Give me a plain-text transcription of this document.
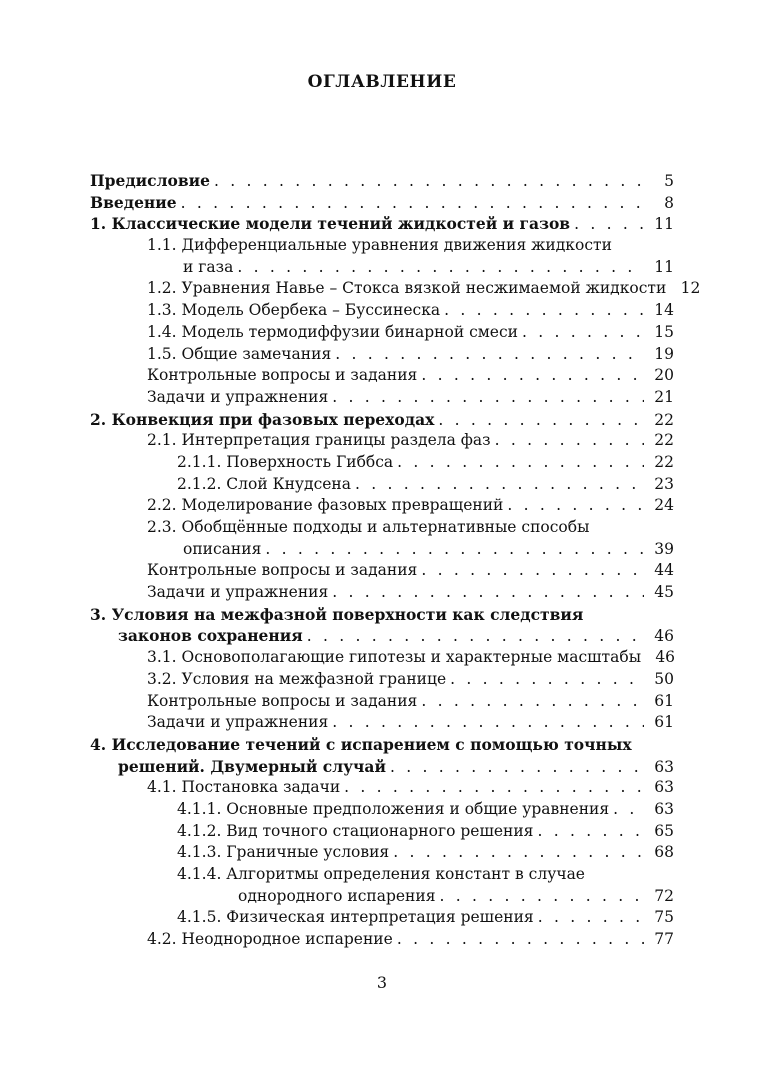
ОГЛАВЛЕНИЕ
Предисловие . . .	5
Введение . . .	8
1. Классические модели течений жидкостей и газов . . .	11
1.1. Дифференциальные уравнения движения жидкости
и газа . . .	11
1.2. Уравнения Навье – Стокса вязкой несжимаемой жидкости 12
1.3. Модель Обербека – Буссинеска . . .	14
1.4. Модель термодиффузии бинарной смеси . . .	15
1.5. Общие замечания . . .	19
Контрольные вопросы и задания . . .	20
Задачи и упражнения . . .	21
2. Конвекция при фазовых переходах . . .	22
2.1. Интерпретация границы раздела фаз . . .	22
2.1.1. Поверхность Гиббса . . .	22
2.1.2. Слой Кнудсена . . .	23
2.2. Моделирование фазовых превращений . . .	24
2.3. Обобщённые подходы и альтернативные способы
описания . . .	39
Контрольные вопросы и задания . . .	44
Задачи и упражнения . . .	45
3. Условия на межфазной поверхности как следствия
законов сохранения . . .	46
3.1. Основополагающие гипотезы и характерные масштабы 46
3.2. Условия на межфазной границе . . .	50
Контрольные вопросы и задания . . .	61
Задачи и упражнения . . .	61
4. Исследование течений с испарением с помощью точных
решений. Двумерный случай . . .	63
4.1. Постановка задачи . . .	63
4.1.1. Основные предположения и общие уравнения . . .	63
4.1.2. Вид точного стационарного решения . . .	65
4.1.3. Граничные условия . . .	68
4.1.4. Алгоритмы определения констант в случае
однородного испарения . . .	72
4.1.5. Физическая интерпретация решения . . .	75
4.2. Неоднородное испарение . . .	77
3
